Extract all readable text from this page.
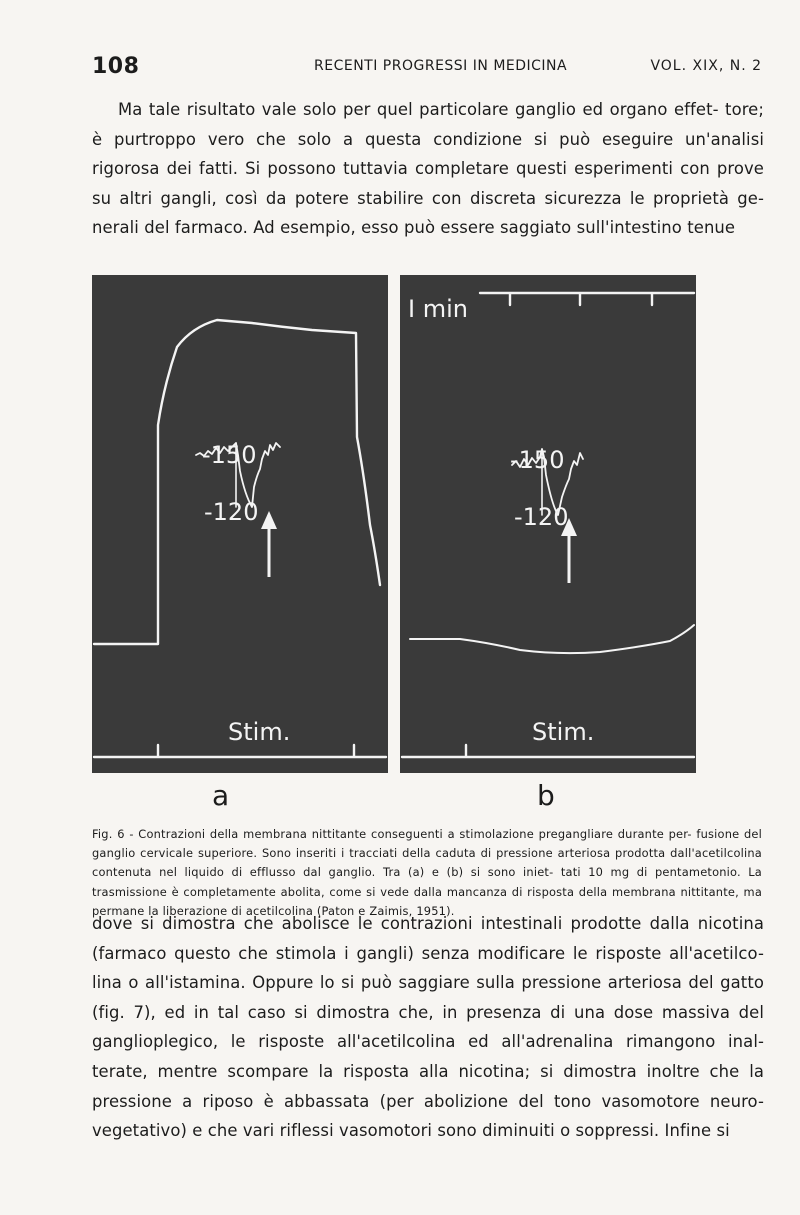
108	RECENTI PROGRESSI IN MEDICINA	VOL. XIX, N. 2

Ma tale risultato vale solo per quel particolare ganglio ed organo effet- tore; è purtroppo vero che solo a questa condizione si può eseguire un'analisi rigorosa dei fatti. Si possono tuttavia completare questi esperimenti con prove su altri gangli, così da potere stabilire con discreta sicurezza le proprietà ge- nerali del farmaco. Ad esempio, esso può essere saggiato sull'intestino tenue

-150
-120
Stim.
I min
-150
-120
Stim.
a	b

Fig. 6 - Contrazioni della membrana nittitante conseguenti a stimolazione pregangliare durante per- fusione del ganglio cervicale superiore. Sono inseriti i tracciati della caduta di pressione arteriosa prodotta dall'acetilcolina contenuta nel liquido di efflusso dal ganglio. Tra (a) e (b) si sono iniet- tati 10 mg di pentametonio. La trasmissione è completamente abolita, come si vede dalla mancanza di risposta della membrana nittitante, ma permane la liberazione di acetilcolina (Paton e Zaimis, 1951).

dove si dimostra che abolisce le contrazioni intestinali prodotte dalla nicotina (farmaco questo che stimola i gangli) senza modificare le risposte all'acetilco- lina o all'istamina. Oppure lo si può saggiare sulla pressione arteriosa del gatto (fig. 7), ed in tal caso si dimostra che, in presenza di una dose massiva del ganglioplegico, le risposte all'acetilcolina ed all'adrenalina rimangono inal- terate, mentre scompare la risposta alla nicotina; si dimostra inoltre che la pressione a riposo è abbassata (per abolizione del tono vasomotore neuro- vegetativo) e che vari riflessi vasomotori sono diminuiti o soppressi. Infine si
